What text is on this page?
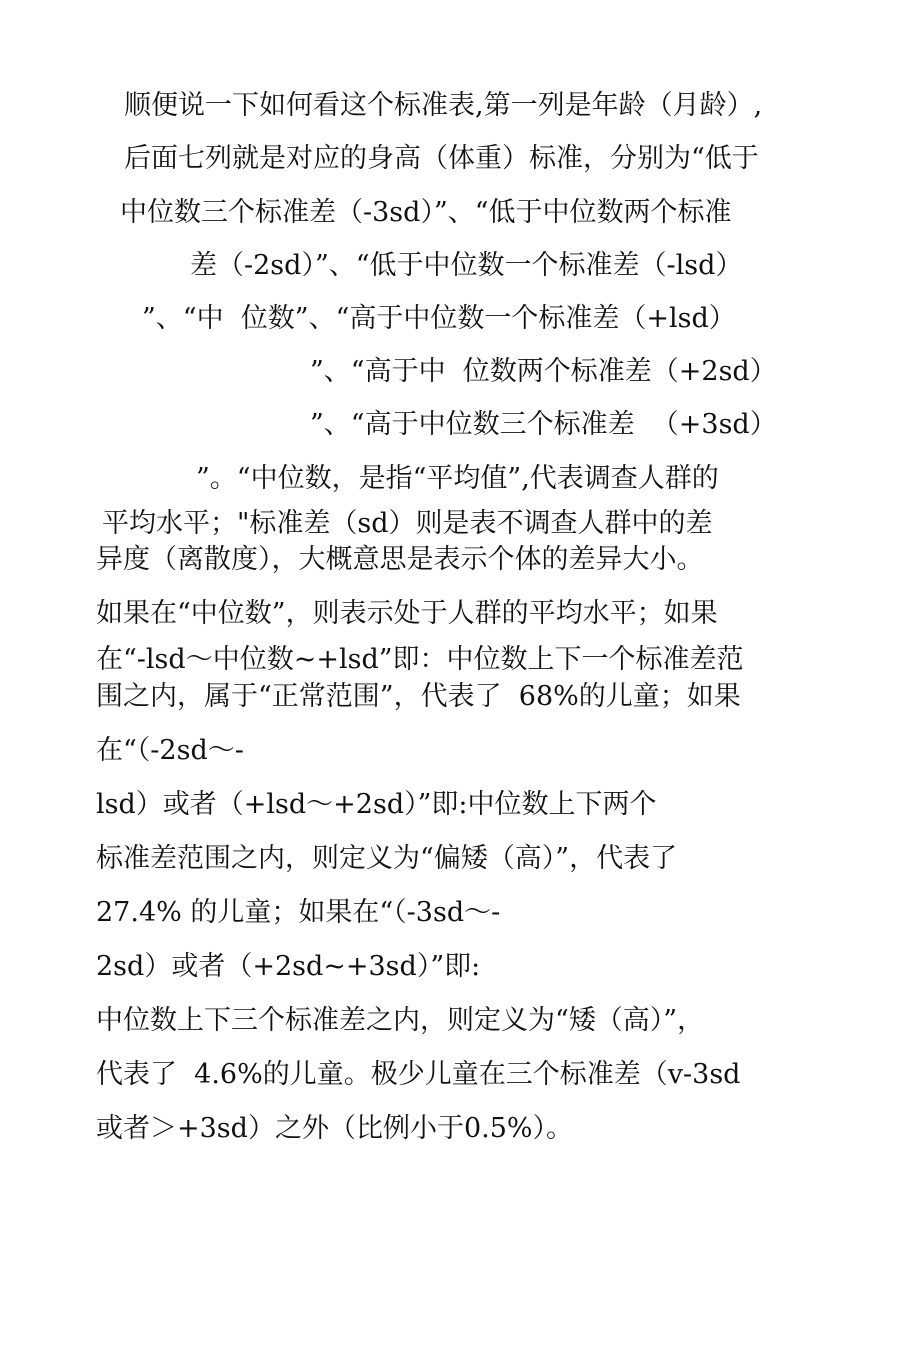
顺便说一下如何看这个标准表,第一列是年龄（月龄）,
后面七列就是对应的身高（体重）标准，分别为“低于
中位数三个标准差（-3sd）”、“低于中位数两个标准
差（-2sd）”、“低于中位数一个标准差（-lsd）
”、“中  位数”、“高于中位数一个标准差（+lsd）
”、“高于中  位数两个标准差（+2sd）
”、“高于中位数三个标准差  （+3sd）
”。“中位数，是指“平均值”,代表调查人群的
平均水平；"标准差（sd）则是表不调查人群中的差
异度（离散度），大概意思是表示个体的差异大小。
如果在“中位数”，则表示处于人群的平均水平；如果
在“-lsd～中位数~+lsd”即：中位数上下一个标准差范
围之内，属于“正常范围”，代表了  68%的儿童；如果
在“（-2sd～-
lsd）或者（+lsd～+2sd）”即:中位数上下两个
标准差范围之内，则定义为“偏矮（高）”，代表了
27.4% 的儿童；如果在“（-3sd～-
2sd）或者（+2sd~+3sd）”即:
中位数上下三个标准差之内，则定义为“矮（高）”，
代表了  4.6%的儿童。极少儿童在三个标准差（v-3sd
或者＞+3sd）之外（比例小于0.5%）。
